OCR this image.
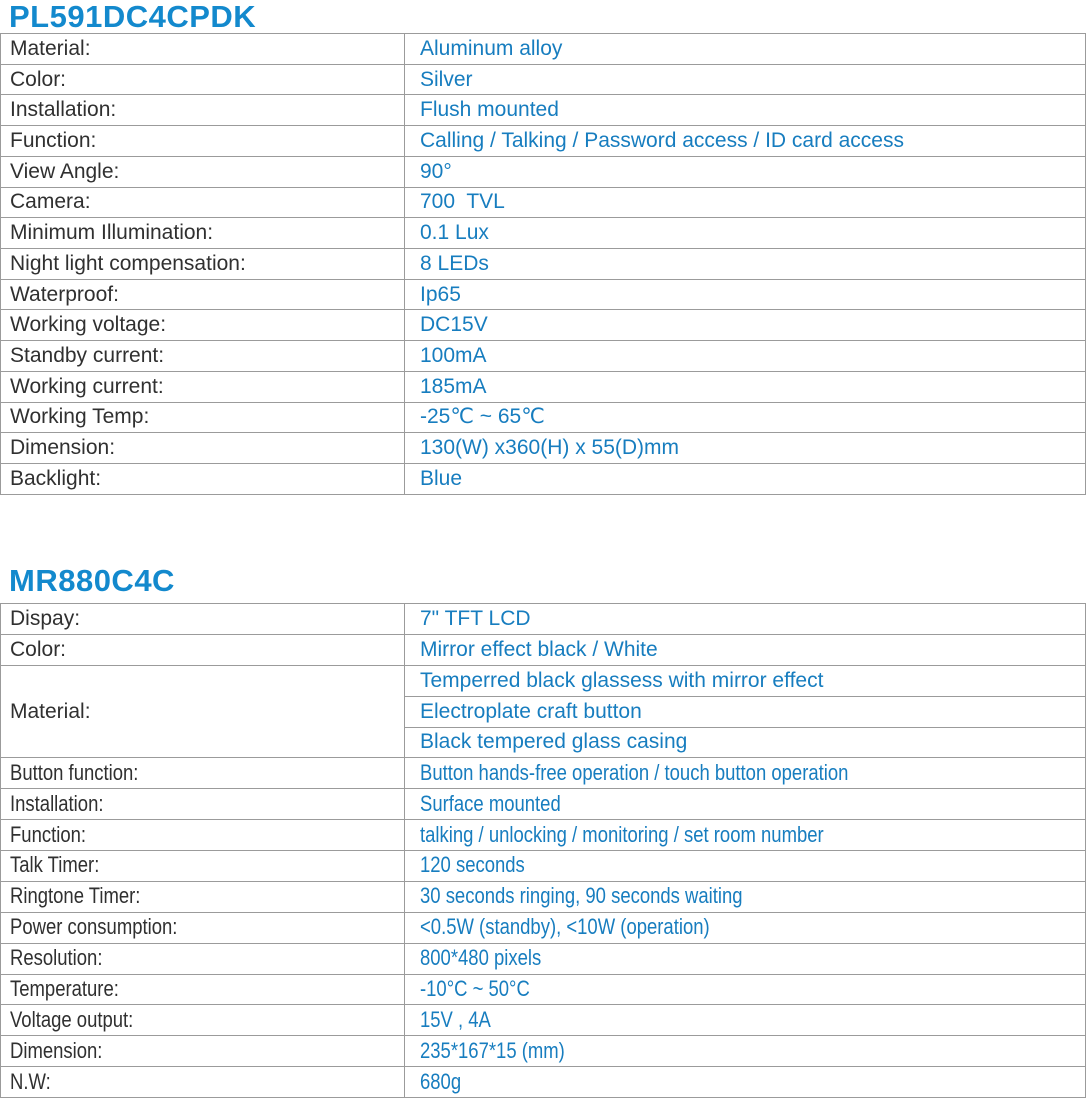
PL591DC4CPDK
Material:	Aluminum alloy
Color:	Silver
Installation:	Flush mounted
Function:	Calling / Talking / Password access / ID card access
View Angle:	90°
Camera:	700  TVL
Minimum Illumination:	0.1 Lux
Night light compensation:	8 LEDs
Waterproof:	Ip65
Working voltage:	DC15V
Standby current:	100mA
Working current:	185mA
Working Temp:	-25℃ ~ 65℃
Dimension:	130(W) x360(H) x 55(D)mm
Backlight:	Blue
MR880C4C
Dispay:	7" TFT LCD
Color:	Mirror effect black / White
Material:	Temperred black glassess with mirror effect
	Electroplate craft button
	Black tempered glass casing
Button function:	Button hands-free operation / touch button operation
Installation:	Surface mounted
Function:	talking / unlocking / monitoring / set room number
Talk Timer:	120 seconds
Ringtone Timer:	30 seconds ringing, 90 seconds waiting
Power consumption:	<0.5W (standby), <10W (operation)
Resolution:	800*480 pixels
Temperature:	-10°C ~ 50°C
Voltage output:	15V , 4A
Dimension:	235*167*15 (mm)
N.W:	680g
